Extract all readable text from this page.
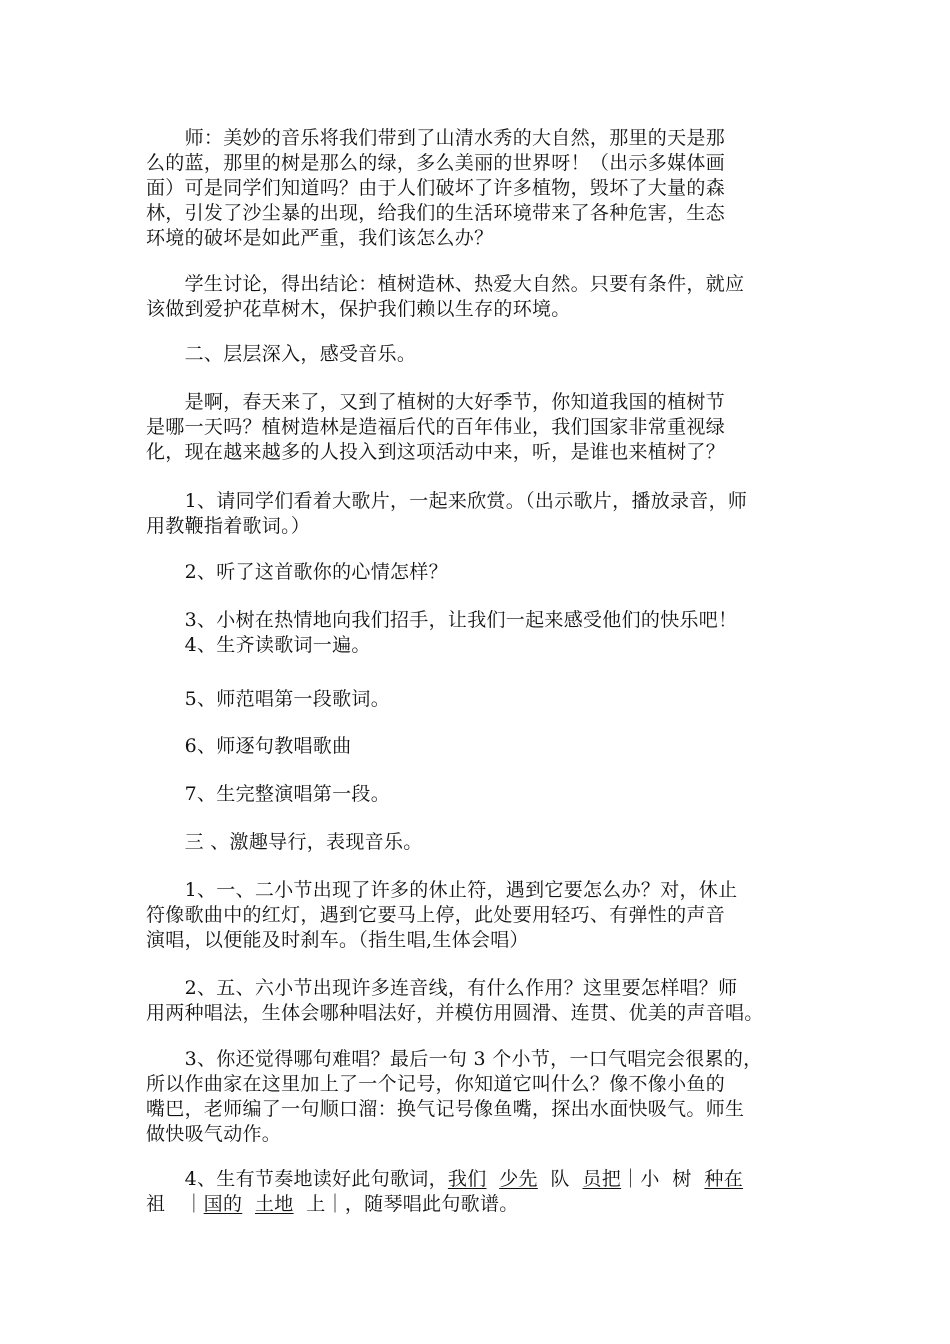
　　师：美妙的音乐将我们带到了山清水秀的大自然，那里的天是那
么的蓝，那里的树是那么的绿，多么美丽的世界呀！（出示多媒体画
面）可是同学们知道吗？由于人们破坏了许多植物，毁坏了大量的森
林，引发了沙尘暴的出现，给我们的生活环境带来了各种危害，生态
环境的破坏是如此严重，我们该怎么办？
　　学生讨论，得出结论：植树造林、热爱大自然。只要有条件，就应
该做到爱护花草树木，保护我们赖以生存的环境。
　　二、层层深入，感受音乐。
　　是啊，春天来了，又到了植树的大好季节，你知道我国的植树节
是哪一天吗？植树造林是造福后代的百年伟业，我们国家非常重视绿
化，现在越来越多的人投入到这项活动中来，听，是谁也来植树了？
　　1、请同学们看着大歌片，一起来欣赏。（出示歌片，播放录音，师
用教鞭指着歌词。）
　　2、听了这首歌你的心情怎样？
　　3、小树在热情地向我们招手，让我们一起来感受他们的快乐吧！
　　4、生齐读歌词一遍。
　　5、师范唱第一段歌词。
　　6、师逐句教唱歌曲
　　7、生完整演唱第一段。
　　三 、激趣导行，表现音乐。
　　1、一、二小节出现了许多的休止符，遇到它要怎么办？对，休止
符像歌曲中的红灯，遇到它要马上停，此处要用轻巧、有弹性的声音
演唱，以便能及时刹车。（指生唱,生体会唱）
　　2、五、六小节出现许多连音线，有什么作用？这里要怎样唱？师
用两种唱法，生体会哪种唱法好，并模仿用圆滑、连贯、优美的声音唱。
　　3、你还觉得哪句难唱？最后一句 3 个小节，一口气唱完会很累的，
所以作曲家在这里加上了一个记号，你知道它叫什么？像不像小鱼的
嘴巴，老师编了一句顺口溜：换气记号像鱼嘴，探出水面快吸气。师生
做快吸气动作。
　　4、生有节奏地读好此句歌词，我们 少先 队 员把｜小 树 种在
祖 ｜国的 土地 上｜，随琴唱此句歌谱。
